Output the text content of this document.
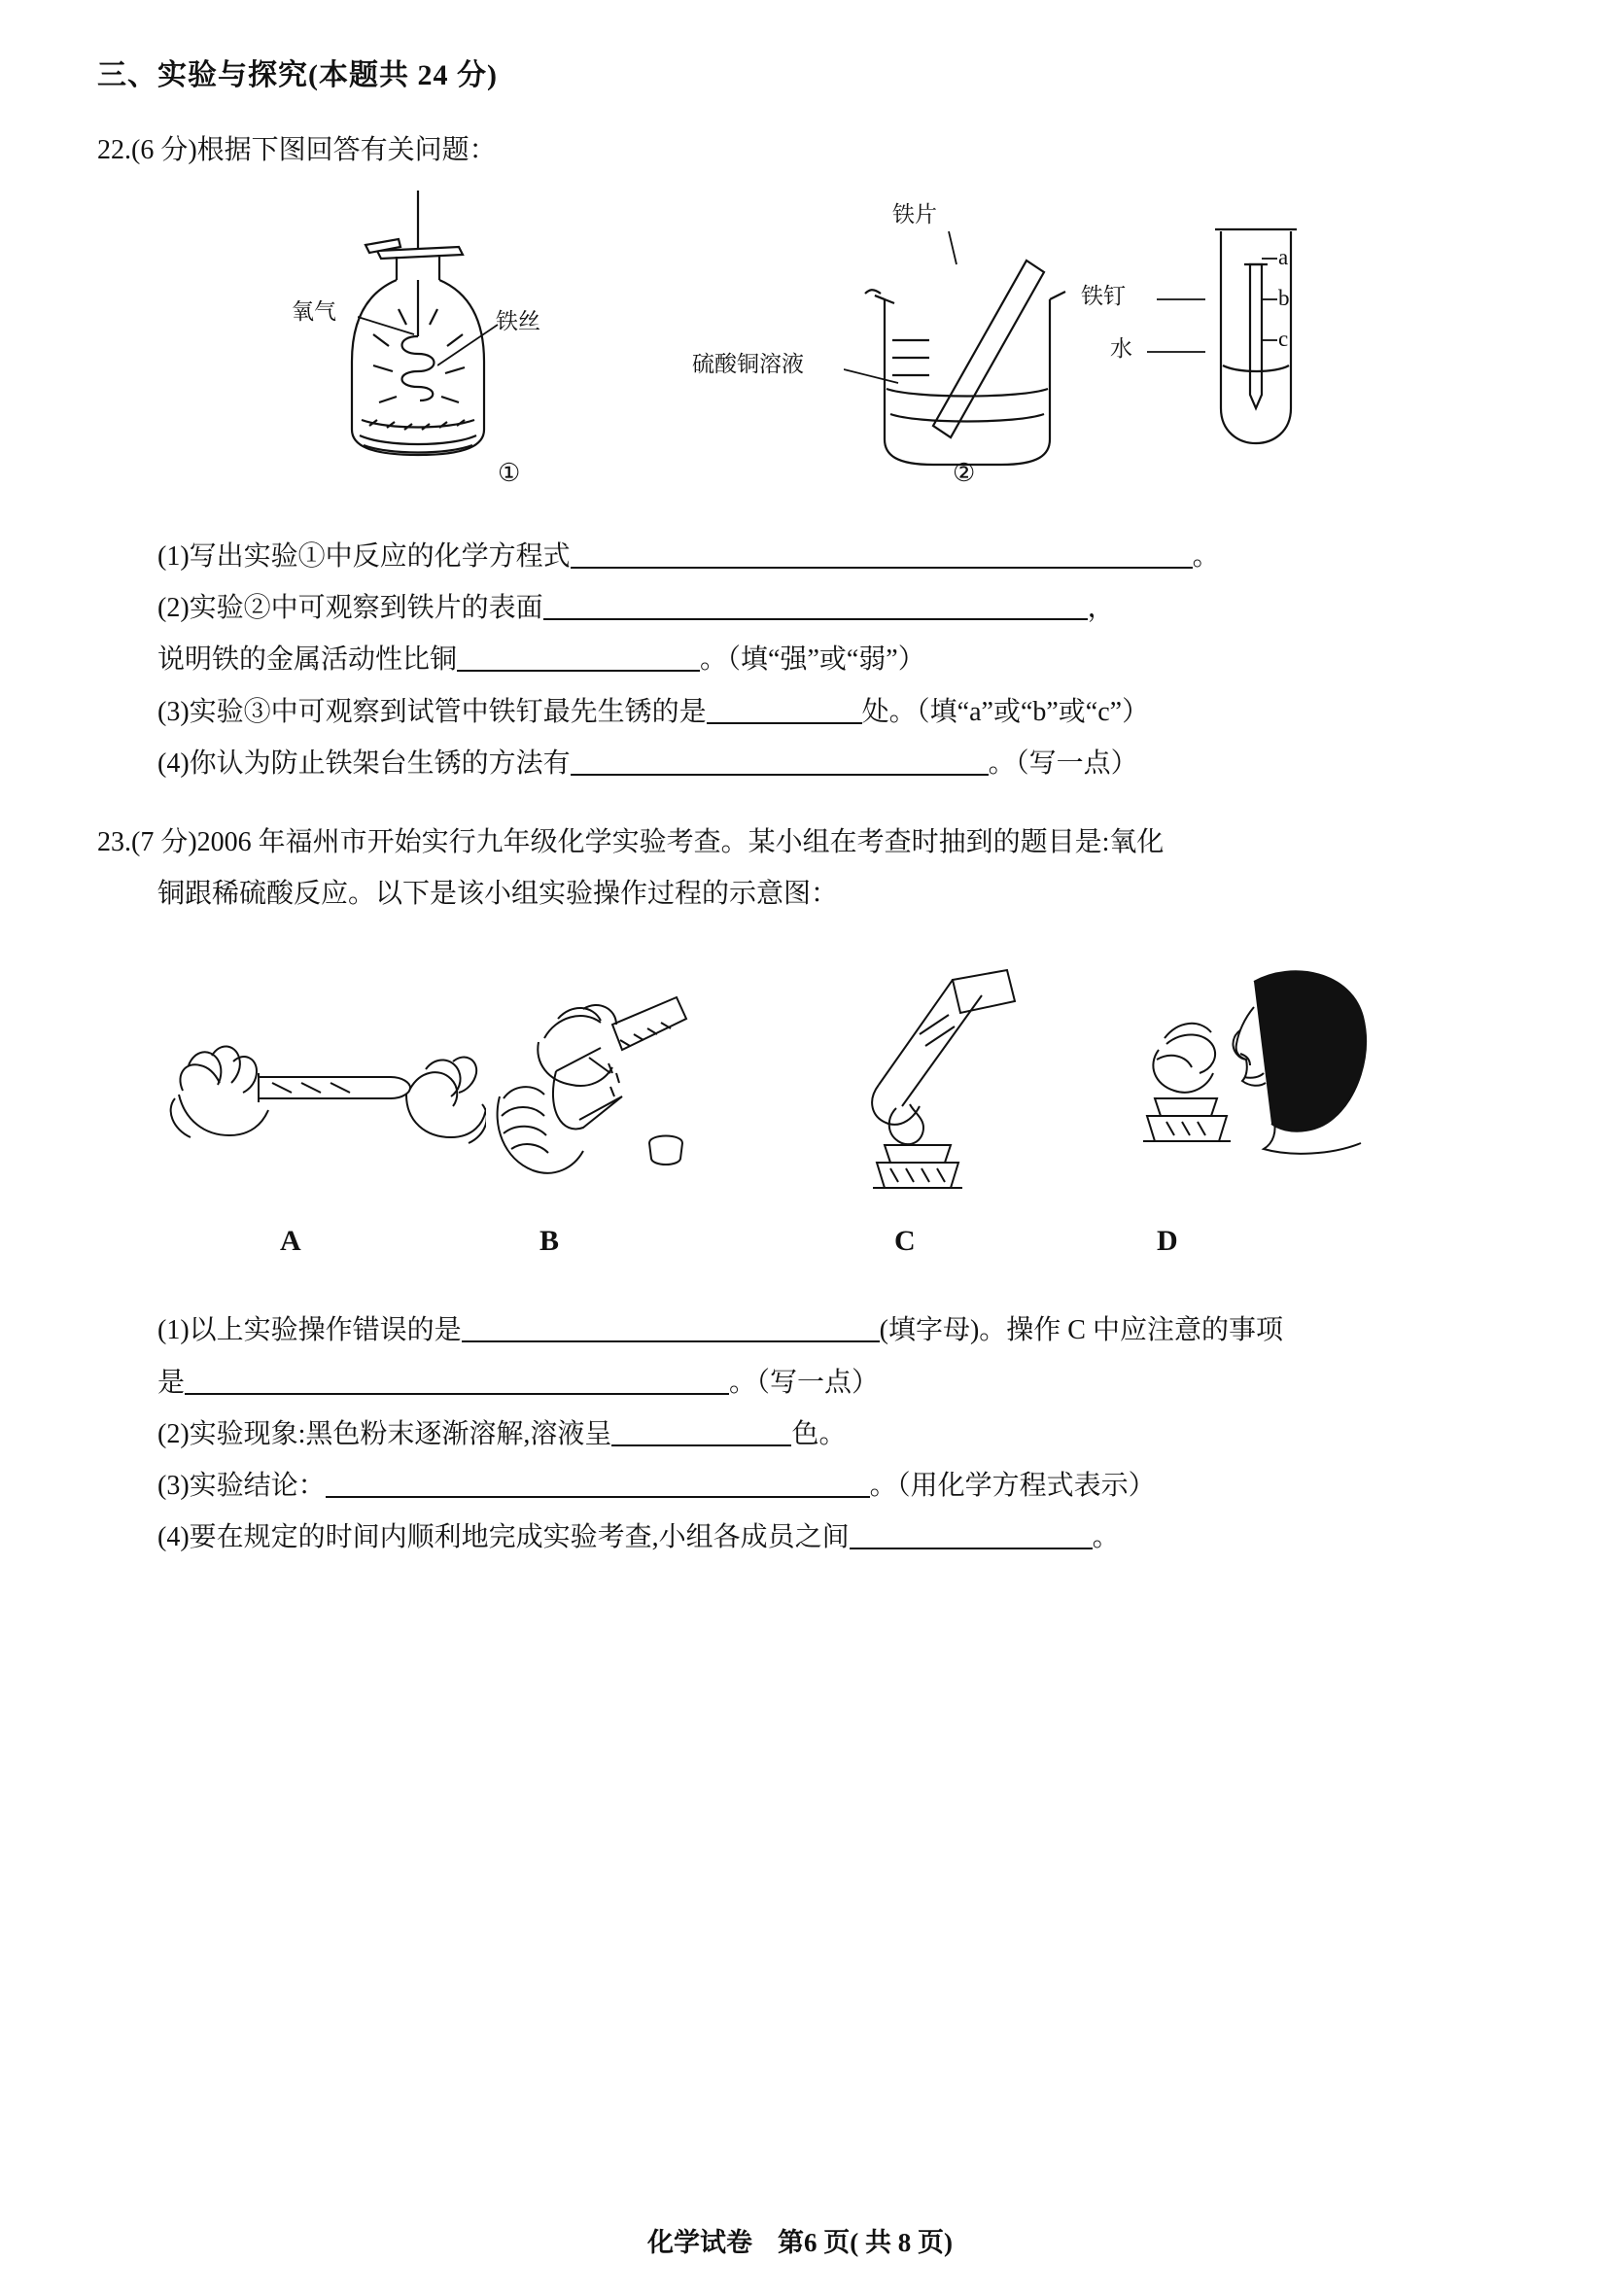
三、实验与探究(本题共 24 分)
22.(6 分)根据下图回答有关问题：
氧气	铁丝
①
铁片
硫酸铜溶液
②
a
b
c
铁钉
水

(1)写出实验①中反应的化学方程式	。

(2)实验②中可观察到铁片的表面	，

说明铁的金属活动性比铜	。（填“强”或“弱”）

(3)实验③中可观察到试管中铁钉最先生锈的是	处。（填“a”或“b”或“c”）

(4)你认为防止铁架台生锈的方法有	。（写一点）

23.(7 分)2006 年福州市开始实行九年级化学实验考查。某小组在考查时抽到的题目是:氧化

铜跟稀硫酸反应。以下是该小组实验操作过程的示意图：

A	B	C	D

(1)以上实验操作错误的是	(填字母)。操作 C 中应注意的事项

是	。（写一点）

(2)实验现象:黑色粉末逐渐溶解,溶液呈	色。

(3)实验结论：	。（用化学方程式表示）

(4)要在规定的时间内顺利地完成实验考查,小组各成员之间	。

化学试卷 第6 页( 共 8 页)
